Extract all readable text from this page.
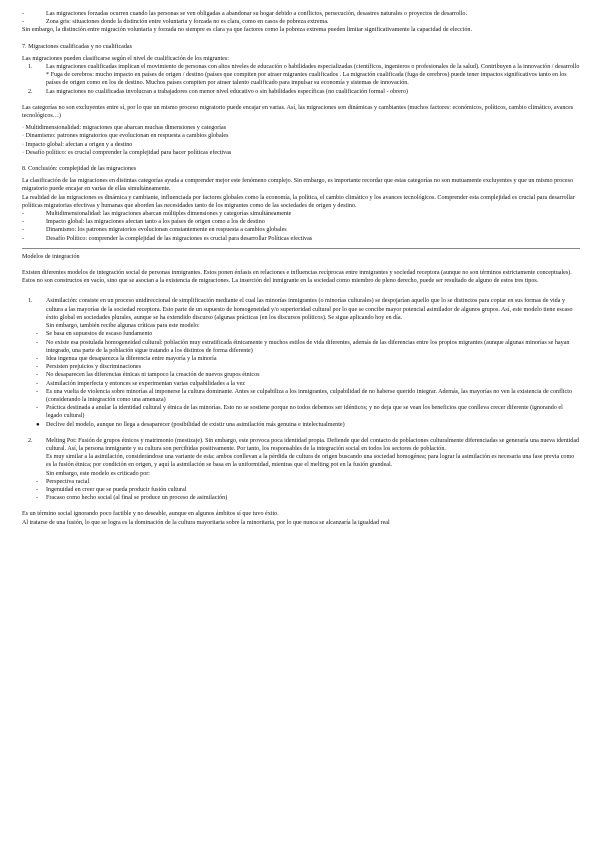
-	Las migraciones forzadas ocurren cuando las personas se ven obligadas a abandonar su hogar debido a conflictos, persecución, desastres naturales o proyectos de desarrollo.

-	Zona gris: situaciones donde la distinción entre voluntaria y forzada no es clara, como en casos de pobreza extrema.

Sin embargo, la distinción entre migración voluntaria y forzada no siempre es clara ya que factores como la pobreza extrema pueden limitar significativamente la capacidad de elección.

7. Migraciones cualificadas y no cualificadas

Las migraciones pueden clasificarse según el nivel de cualificación de los migrantes:

1.	Las migraciones cualificadas implican el movimiento de personas con altos niveles de educación o habilidades especializadas (científicos, ingenieros o profesionales de la salud). Contribuyen a la innovación / desarrollo

* Fuga de cerebros: mucho impacto en países de origen / destino (países que compiten por atraer migrantes cualificados . La migración cualificada (fuga de cerebros) puede tener impactos significativos tanto en los países de origen como en los de destino. Muchos países compiten por atraer talento cualificado para impulsar su economía y sistemas de innovación.

2.	Las migraciones no cualificadas involucran a trabajadores con menor nivel educativo o sin habilidades específicas (no cualificación formal - obrero)

Las categorías no son excluyentes entre sí, por lo que un mismo proceso migratorio puede encajar en varias. Así, las migraciones son dinámicas y cambiantes (muchos factores: económicos, políticos, cambio climático, avances tecnológicos…)

· Multidimensionalidad: migraciones que abarcan muchas dimensiones y categorías

· Dinamismo: patrones migratorios que evolucionan en respuesta a cambios globales

· Impacto global: afectan a origen y a destino

· Desafío político: es crucial comprender la complejidad para hacer políticas efectivas

8. Conclusión: complejidad de las migraciones

La clasificación de las migraciones en distintas categorías ayuda a comprender mejor este fenómeno complejo. Sin embargo, es importante recordar que estas categorías no son mutuamente excluyentes y que un mismo proceso migratorio puede encajar en varias de ellas simultáneamente.

La realidad de las migraciones es dinámica y cambiante, influenciada por factores globales como la economía, la política, el cambio climático y los avances tecnológicos. Comprender esta complejidad es crucial para desarrollar políticas migratorias efectivas y humanas que aborden las necesidades tanto de los migrantes como de las sociedades de origen y destino.

-	Multidimensionalidad: las migraciones abarcan múltiples dimensiones y categorías simultáneamente

-	Impacto global: las migraciones afectan tanto a los países de origen como a los de destino

-	Dinamismo: los patrones migratorios evolucionan constantemente en respuesta a cambios globales

-	Desafío Político: comprender la complejidad de las migraciones es crucial para desarrollar Políticas efectivas

Modelos de integración

Existen diferentes modelos de integración social de personas inmigrantes. Estos ponen énfasis en relaciones e influencias recíprocas entre inmigrantes y sociedad receptora (aunque no son términos estrictamente conceptuales). Estos no son constructos en vacío, sino que se asocian a la existencia de migraciones. La inserción del inmigrante en la sociedad como miembro de pleno derecho, puede ser resultado de alguno de estos tres tipos.

1.	Asimilación: consiste en un proceso unidireccional de simplificación mediante el cual las minorías inmigrantes (o minorías culturales) se despojarían aquello que lo se distinctos para copiar en sus formas de vida y cultura a las mayorías de la sociedad receptora. Esto parte de un supuesto de homogeneidad y/o superioridad cultural por lo que se concibe mayor potencial asimilador de algunos grupos. Así, este modelo tiene escaso éxito global en sociedades plurales, aunque se ha extendido discurso (algunas prácticas (en los discursos políticos). Se sigue aplicando hoy en día.

Sin embargo, también recibe algunas críticas para este modelo:

-	Se basa en supuestos de escaso fundamento

-	No existe esa postulada homogeneidad cultural: población muy estratificada étnicamente y muchos estilos de vida diferentes, además de las diferencias entre los propios migrantes (aunque algunas minorías se hayan integrado, una parte de la población sigue tratando a los distintos de forma diferente)

-	Idea ingenua que desaparezca la diferencia entre mayoría y la minoría

-	Persisten prejuicios y discriminaciones

-	No desaparecen las diferencias étnicas ni tampoco la creación de nuevos grupos étnicos

-	Asimilación imperfecta y entonces se experimentan varias culpabilidades a la vez

-	Es una vuelta de violencia sobre minorías al imponerse la cultura dominante. Antes se culpabiliza a los inmigrantes, culpabilidad de no haberse querido integrar. Además, las mayorías no ven la existencia de conflicto (considerando la integración como una amenaza)

-	Práctica destinada a anular la identidad cultural y étnica de las minorías. Esto no se sostiene porque no todos debemos ser idénticos; y no deja que se vean los beneficios que conlleva crecer diferente (ignorando el legado cultural)

●	Declive del modelo, aunque no llega a desaparecer (posibilidad de existir una asimilación más genuina e intelectualmente)

2.	Melting Pot: Fusión de grupos étnicos y matrimonio (mestizaje). Sin embargo, este provoca poca identidad propia. Defiende que del contacto de poblaciones culturalmente diferenciadas se generaría una nueva identidad cultural. Así, la persona inmigrante y su cultura son percibidas positivamente. Por tanto, los responsables de la integración social en todos los sectores de población.

Es muy similar a la asimilación, considerándose una variante de esta: ambos conllevan a la pérdida de cultura de origen buscando una sociedad homogénea; para lograr la asimilación es necesaria una fase previa como es la fusión étnica; por condición en origen, y aquí la asimilación se basa en la uniformidad, mientras que el melting pot en la fusión grandeal.

Sin embargo, este modelo es criticado por:

-	Perspectiva racial

-	Ingenuidad en creer que se pueda producir fusión cultural

-	Fracaso como hecho social (al final se produce un proceso de asimilación)

Es un término social ignorando poco factible y no deseable, aunque en algunos ámbitos sí que tuvo éxito.

Al tratarse de una fusión, lo que se logra es la dominación de la cultura mayoritaria sobre la minoritaria, por lo que nunca se alcanzaría la igualdad real
